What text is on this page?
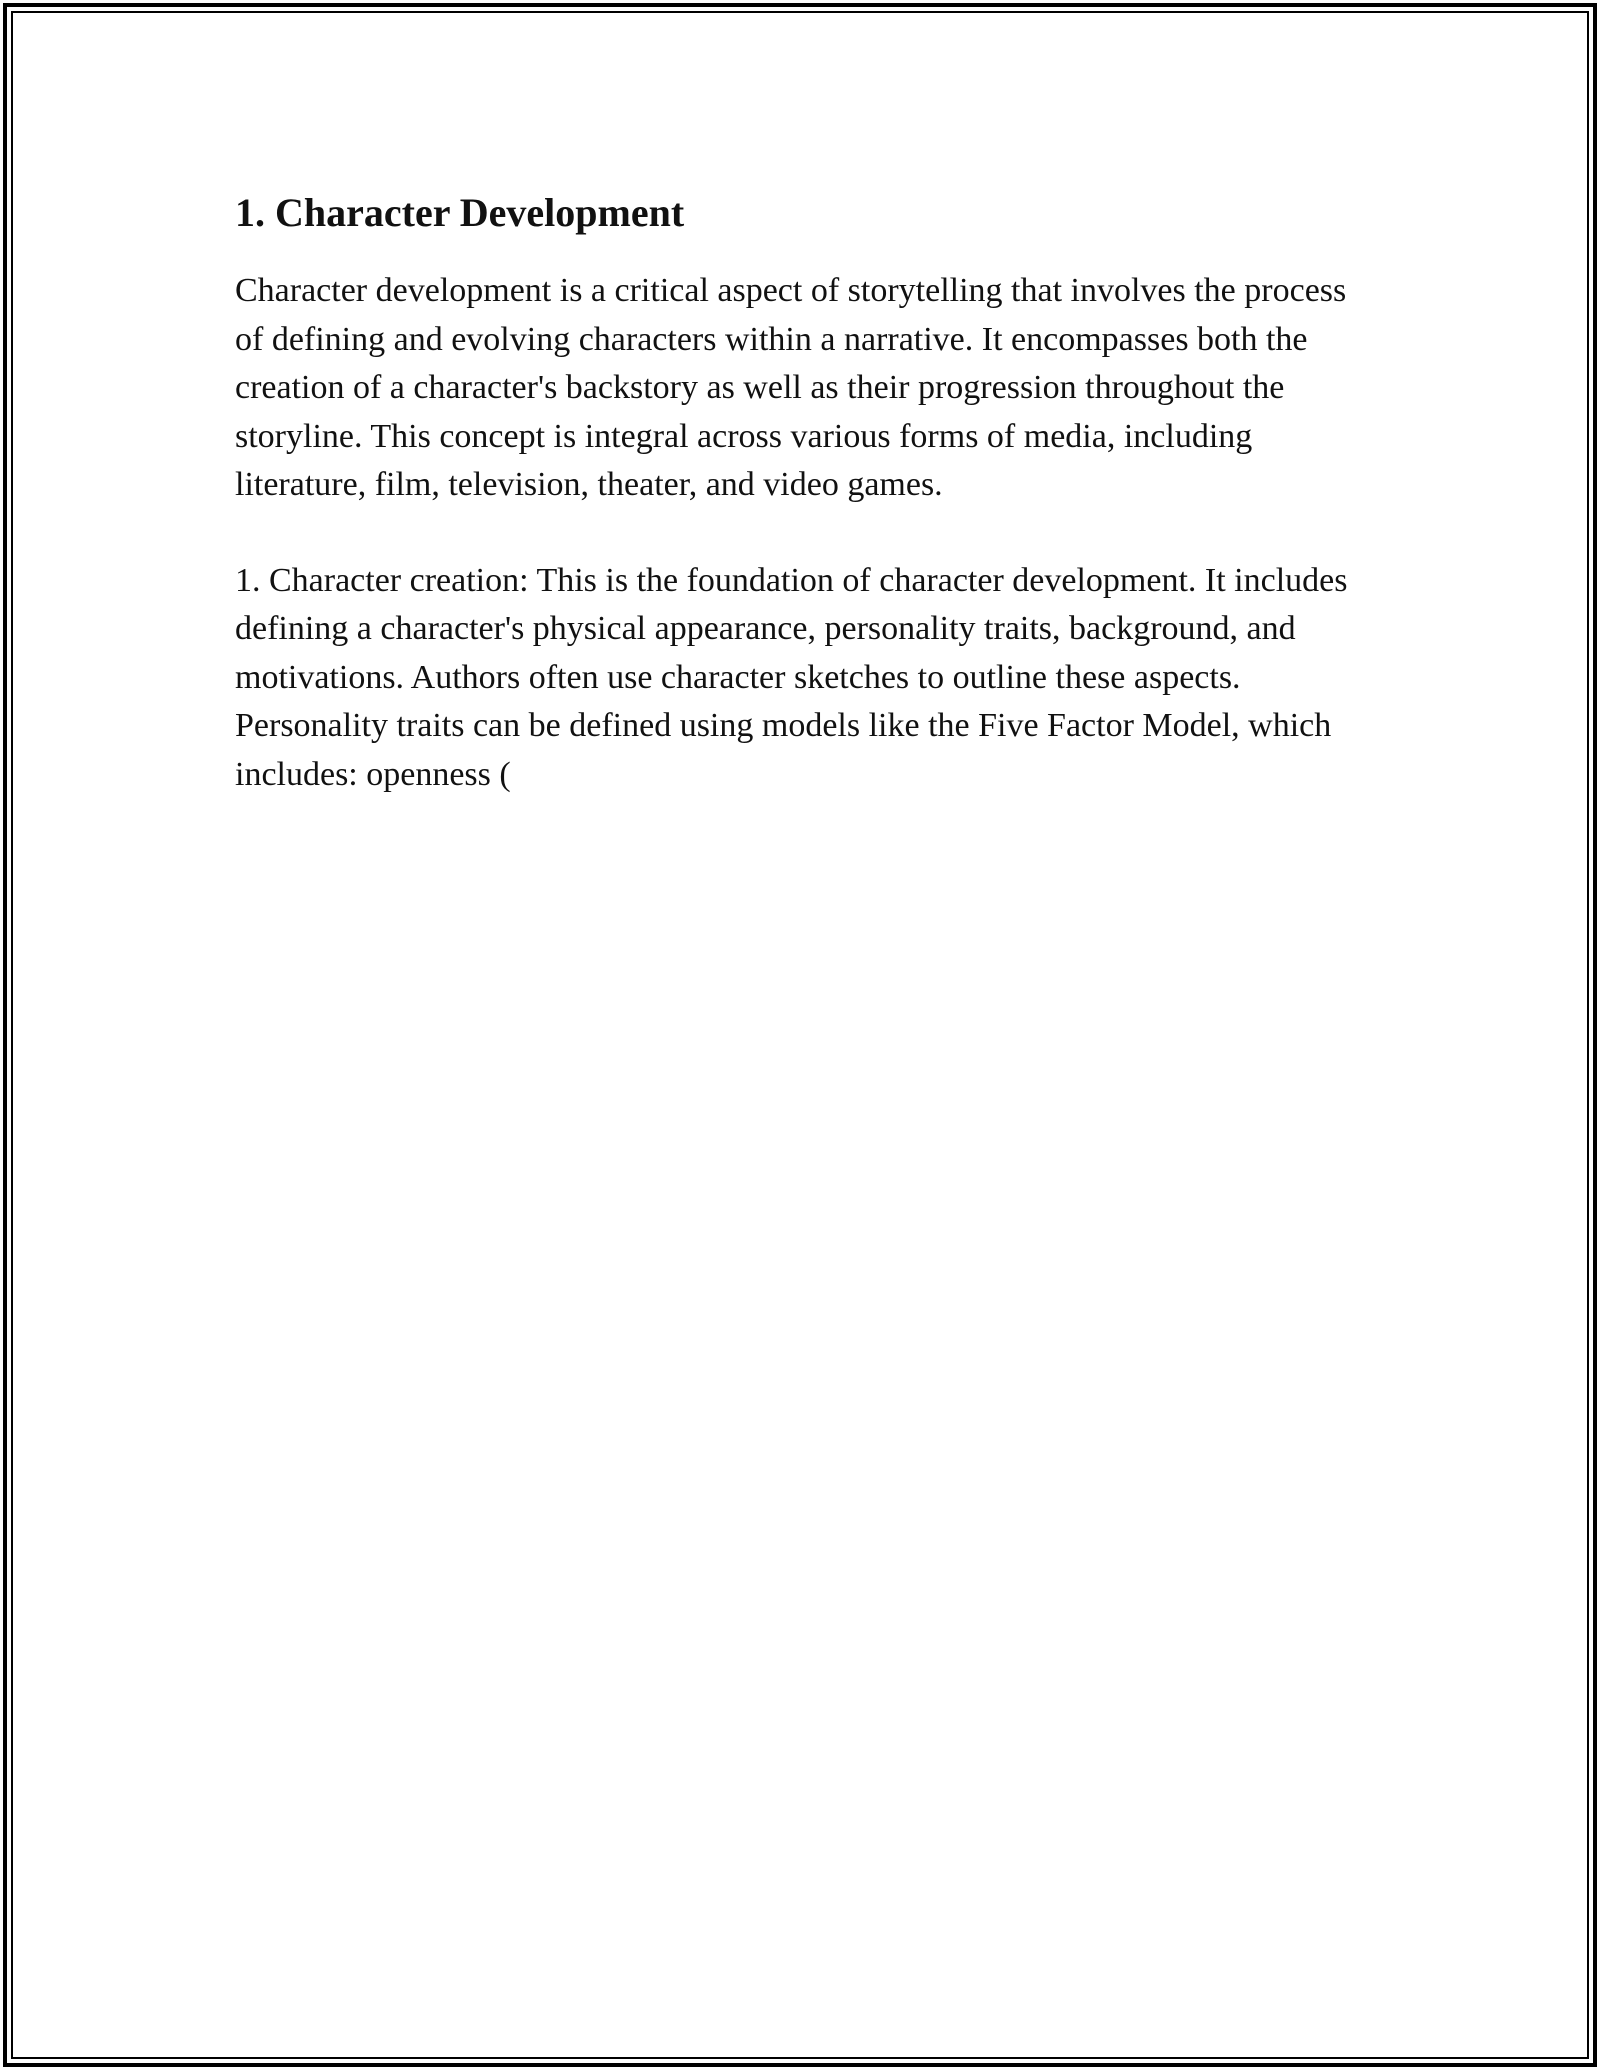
1. Character Development

Character development is a critical aspect of storytelling that involves the process of defining and evolving characters within a narrative. It encompasses both the creation of a character's backstory as well as their progression throughout the storyline. This concept is integral across various forms of media, including literature, film, television, theater, and video games.

1. Character creation: This is the foundation of character development. It includes defining a character's physical appearance, personality traits, background, and motivations. Authors often use character sketches to outline these aspects. Personality traits can be defined using models like the Five Factor Model, which includes: openness (
